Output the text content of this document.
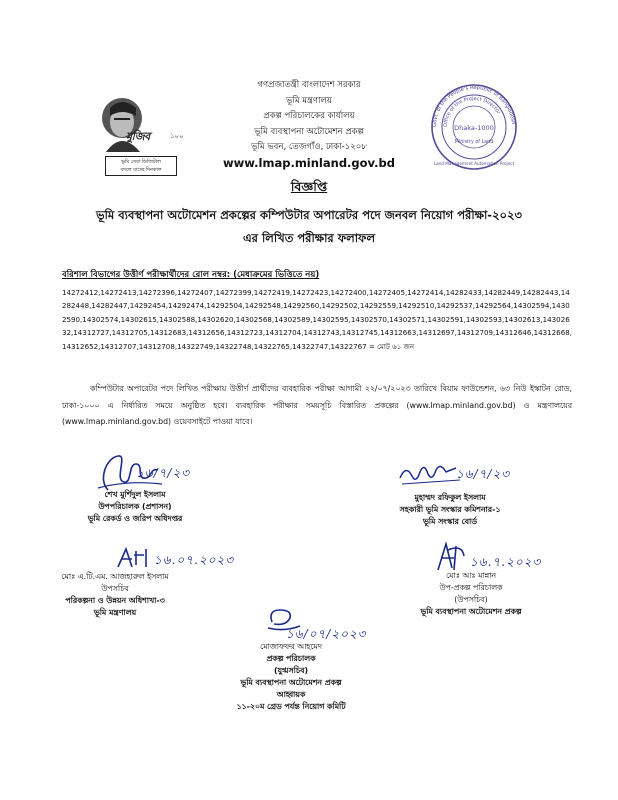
মুজিব	১০০
ভূমি সেবা ডিজিটাল
বদলে যাচ্ছে দিনকাল
গণপ্রজাতন্ত্রী বাংলাদেশ সরকার
ভূমি মন্ত্রণালয়
প্রকল্প পরিচালকের কার্যালয়
ভূমি ব্যবস্থাপনা অটোমেশন প্রকল্প
ভূমি ভবন, তেজগাঁও, ঢাকা-১২০৮
www.lmap.minland.gov.bd
Govt. of the People's Republic of Bangladesh
Office of the Project Director
Dhaka-1000
Ministry of Land
Land Management Automation Project
বিজ্ঞপ্তি
ভূমি ব্যবস্থাপনা অটোমেশন প্রকল্পের কম্পিউটার অপারেটর পদে জনবল নিয়োগ পরীক্ষা-২০২৩
এর লিখিত পরীক্ষার ফলাফল
বরিশাল বিভাগের উত্তীর্ণ পরীক্ষার্থীদের রোল নম্বর: (মেধাক্রমের ভিত্তিতে নয়)
14272412,14272413,14272396,14272407,14272399,14272419,14272423,14272400,14272405,14272414,14282433,14282449,14282443,14282448,14282447,14292454,14292474,14292504,14292548,14292560,14292502,14292559,14292510,14292537,14292564,14302594,14302590,14302574,14302615,14302588,14302620,14302568,14302589,14302595,14302570,14302571,14302591,14302593,14302613,14302632,14312727,14312705,14312683,14312656,14312723,14312704,14312743,14312745,14312663,14312697,14312709,14312646,14312668,14312652,14312707,14312708,14322749,14322748,14322765,14322747,14322767 = মোট ৬১ জন
কম্পিউটার অপারেটর পদে লিখিত পরীক্ষায় উত্তীর্ণ প্রার্থীদের ব্যবহারিক পরীক্ষা আগামী ২২/০৭/২০২৩ তারিখে বিয়াম ফাউন্ডেশন, ৬৩ নিউ ইস্কাটন রোড, ঢাকা-১০০০ এ নির্ধারিত সময়ে অনুষ্ঠিত হবে। ব্যবহারিক পরীক্ষার সময়সূচি বিস্তারিত প্রকল্পের (www.lmap.minland.gov.bd) ও মন্ত্রণালয়ের (www.lmap.minland.gov.bd) ওয়েবসাইটে পাওয়া যাবে।
১৬/৭/২৩
শেখ মুর্শিদুল ইসলাম
উপপরিচালক (প্রশাসন)
ভূমি রেকর্ড ও জরিপ অধিদপ্তর
১৬/৭/২৩
মুহাম্মদ রফিকুল ইসলাম
সহকারী ভূমি সংস্কার কমিশনার-১
ভূমি সংস্কার বোর্ড
১৬.০৭.২০২৩
মোঃ এ.টি.এম. আজহারুল ইসলাম
উপসচিব
পরিকল্পনা ও উন্নয়ন অধিশাখা-৩
ভূমি মন্ত্রণালয়
১৬.৭.২০২৩
মোঃ আঃ মান্নান
উপ-প্রকল্প পরিচালক
(উপসচিব)
ভূমি ব্যবস্থাপনা অটোমেশন প্রকল্প
১৬/০৭/২০২৩
মোজাফফর আহমেদ
প্রকল্প পরিচালক
(যুগ্মসচিব)
ভূমি ব্যবস্থাপনা অটোমেশন প্রকল্প
আহ্বায়ক
১১-২০ম গ্রেড পর্যন্ত নিয়োগ কমিটি
